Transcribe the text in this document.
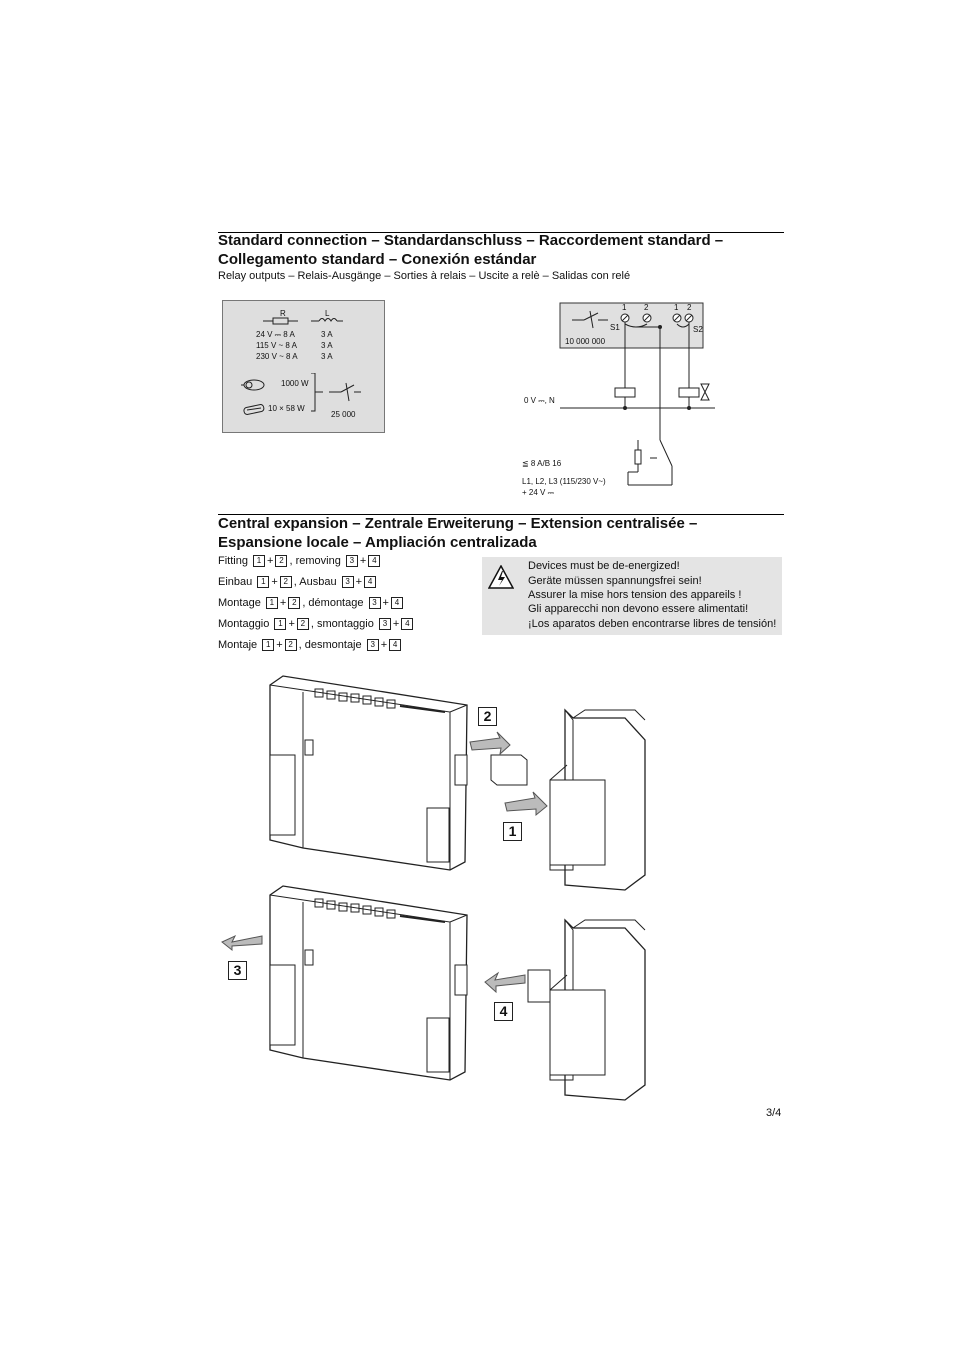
Standard connection – Standardanschluss – Raccordement standard –
Collegamento standard – Conexión estándar
Relay outputs – Relais-Ausgänge – Sorties à relais – Uscite a relè – Salidas con relé
R	L
24 V ⎓ 8 A	3 A
115 V ~ 8 A	3 A
230 V ~ 8 A	3 A
1000 W
10 × 58 W
25 000
1 2	1 2
S1	S2
10 000 000
0 V ⎓, N
≦ 8 A/B 16
L1, L2, L3 (115/230 V~)
+ 24 V ⎓
Central expansion – Zentrale Erweiterung – Extension centralisée –
Espansione locale – Ampliación centralizada
Fitting 1 + 2 , removing 3 + 4
Einbau 1 + 2 , Ausbau 3 + 4
Montage 1 + 2 , démontage 3 + 4
Montaggio 1 + 2 , smontaggio 3 + 4
Montaje 1 + 2 , desmontaje 3 + 4
Devices must be de-energized!
Geräte müssen spannungsfrei sein!
Assurer la mise hors tension des appareils !
Gli apparecchi non devono essere alimentati!
¡Los aparatos deben encontrarse libres de tensión!
2
1
3
4
3/4
